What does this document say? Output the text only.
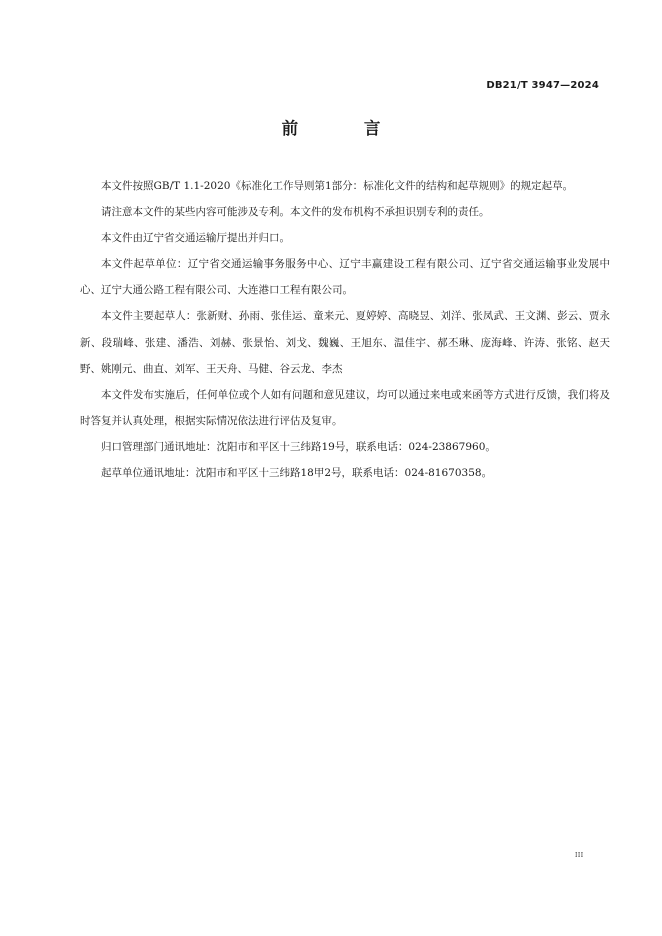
DB21/T 3947—2024
前 言

本文件按照GB/T 1.1-2020《标准化工作导则第1部分：标准化文件的结构和起草规则》的规定起草。

请注意本文件的某些内容可能涉及专利。本文件的发布机构不承担识别专利的责任。

本文件由辽宁省交通运输厅提出并归口。

本文件起草单位：辽宁省交通运输事务服务中心、辽宁丰赢建设工程有限公司、辽宁省交通运输事业发展中心、辽宁大通公路工程有限公司、大连港口工程有限公司。

本文件主要起草人：张新财、孙雨、张佳运、童来元、夏婷婷、高晓昱、刘洋、张凤武、王文渊、彭云、贾永新、段瑞峰、张建、潘浩、刘赫、张景怡、刘戈、魏巍、王旭东、温佳宇、郝丕琳、庞海峰、许涛、张铭、赵天野、姚刚元、曲直、刘军、王天舟、马健、谷云龙、李杰

本文件发布实施后，任何单位或个人如有问题和意见建议，均可以通过来电或来函等方式进行反馈，我们将及时答复并认真处理，根据实际情况依法进行评估及复审。

归口管理部门通讯地址：沈阳市和平区十三纬路19号，联系电话：024-23867960。

起草单位通讯地址：沈阳市和平区十三纬路18甲2号，联系电话：024-81670358。

III
